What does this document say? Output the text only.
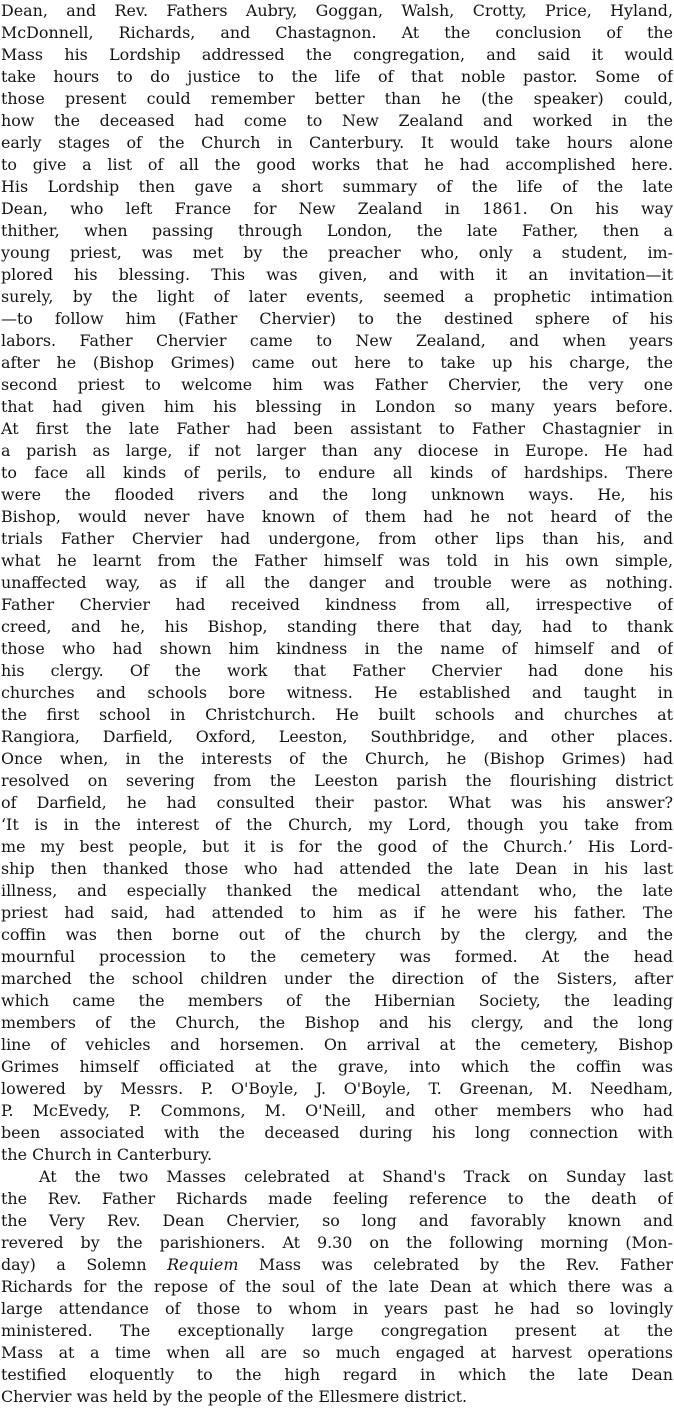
Dean, and Rev. Fathers Aubry, Goggan, Walsh, Crotty, Price, Hyland,
McDonnell, Richards, and Chastagnon. At the conclusion of the
Mass his Lordship addressed the congregation, and said it would
take hours to do justice to the life of that noble pastor. Some of
those present could remember better than he (the speaker) could,
how the deceased had come to New Zealand and worked in the
early stages of the Church in Canterbury. It would take hours alone
to give a list of all the good works that he had accomplished here.
His Lordship then gave a short summary of the life of the late
Dean, who left France for New Zealand in 1861. On his way
thither, when passing through London, the late Father, then a
young priest, was met by the preacher who, only a student, im-
plored his blessing. This was given, and with it an invitation—it
surely, by the light of later events, seemed a prophetic intimation
—to follow him (Father Chervier) to the destined sphere of his
labors. Father Chervier came to New Zealand, and when years
after he (Bishop Grimes) came out here to take up his charge, the
second priest to welcome him was Father Chervier, the very one
that had given him his blessing in London so many years before.
At first the late Father had been assistant to Father Chastagnier in
a parish as large, if not larger than any diocese in Europe. He had
to face all kinds of perils, to endure all kinds of hardships. There
were the flooded rivers and the long unknown ways. He, his
Bishop, would never have known of them had he not heard of the
trials Father Chervier had undergone, from other lips than his, and
what he learnt from the Father himself was told in his own simple,
unaffected way, as if all the danger and trouble were as nothing.
Father Chervier had received kindness from all, irrespective of
creed, and he, his Bishop, standing there that day, had to thank
those who had shown him kindness in the name of himself and of
his clergy. Of the work that Father Chervier had done his
churches and schools bore witness. He established and taught in
the first school in Christchurch. He built schools and churches at
Rangiora, Darfield, Oxford, Leeston, Southbridge, and other places.
Once when, in the interests of the Church, he (Bishop Grimes) had
resolved on severing from the Leeston parish the flourishing district
of Darfield, he had consulted their pastor. What was his answer?
‘It is in the interest of the Church, my Lord, though you take from
me my best people, but it is for the good of the Church.’ His Lord-
ship then thanked those who had attended the late Dean in his last
illness, and especially thanked the medical attendant who, the late
priest had said, had attended to him as if he were his father. The
coffin was then borne out of the church by the clergy, and the
mournful procession to the cemetery was formed. At the head
marched the school children under the direction of the Sisters, after
which came the members of the Hibernian Society, the leading
members of the Church, the Bishop and his clergy, and the long
line of vehicles and horsemen. On arrival at the cemetery, Bishop
Grimes himself officiated at the grave, into which the coffin was
lowered by Messrs. P. O'Boyle, J. O'Boyle, T. Greenan, M. Needham,
P. McEvedy, P. Commons, M. O'Neill, and other members who had
been associated with the deceased during his long connection with
the Church in Canterbury.
At the two Masses celebrated at Shand's Track on Sunday last
the Rev. Father Richards made feeling reference to the death of
the Very Rev. Dean Chervier, so long and favorably known and
revered by the parishioners. At 9.30 on the following morning (Mon-
day) a Solemn Requiem Mass was celebrated by the Rev. Father
Richards for the repose of the soul of the late Dean at which there was a
large attendance of those to whom in years past he had so lovingly
ministered. The exceptionally large congregation present at the
Mass at a time when all are so much engaged at harvest operations
testified eloquently to the high regard in which the late Dean
Chervier was held by the people of the Ellesmere district.
